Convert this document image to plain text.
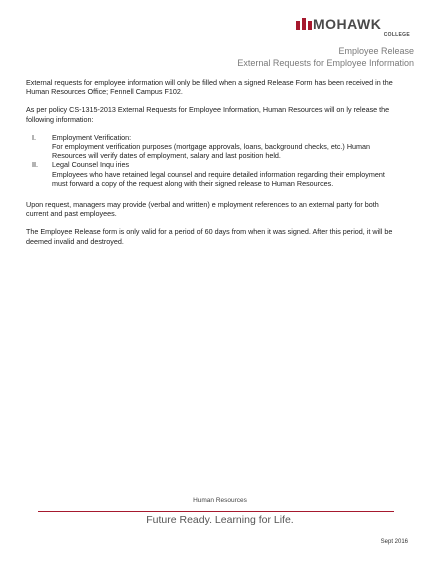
MOHAWK
COLLEGE
Employee Release
External Requests for Employee Information

External requests for employee information will only be filled when a signed Release Form has been received in the Human Resources Office; Fennell Campus F102.

As per policy CS-1315-2013 External Requests for Employee Information, Human Resources will on ly release the following information:

I. Employment Verification:
For employment verification purposes (mortgage approvals, loans, background checks, etc.) Human Resources will verify dates of employment, salary and last position held.
II. Legal Counsel Inqu iries
Employees who have retained legal counsel and require detailed information regarding their employment must forward a copy of the request along with their signed release to Human Resources.

Upon request, managers may provide (verbal and written) e mployment references to an external party for both current and past employees.

The Employee Release form is only valid for a period of 60 days from when it was signed. After this period, it will be deemed invalid and destroyed.

Human Resources
Future Ready. Learning for Life.
Sept 2016
